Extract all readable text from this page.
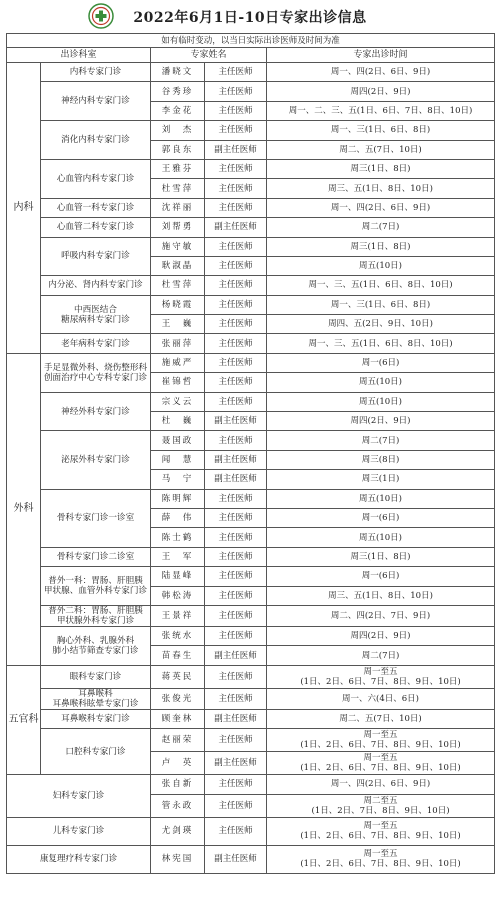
2022年6月1日-10日专家出诊信息
如有临时变动，以当日实际出诊医师及时间为准				
出诊科室		专家姓名		专家出诊时间
内科	内科专家门诊	潘晓文	主任医师	周一、四(2日、6日、9日)
	神经内科专家门诊	谷秀珍	主任医师	周四(2日、9日)
		李金花	主任医师	周一、二、三、五(1日、6日、7日、8日、10日)
	消化内科专家门诊	刘　杰	主任医师	周一、三(1日、6日、8日)
		郭良东	副主任医师	周二、五(7日、10日)
	心血管内科专家门诊	王雅芬	主任医师	周三(1日、8日)
		杜雪萍	主任医师	周三、五(1日、8日、10日)
	心血管一科专家门诊	沈祥丽	主任医师	周一、四(2日、6日、9日)
	心血管二科专家门诊	刘帮勇	副主任医师	周二(7日)
	呼吸内科专家门诊	施守敏	主任医师	周三(1日、8日)
		耿淑晶	主任医师	周五(10日)
	内分泌、肾内科专家门诊	杜雪萍	主任医师	周一、三、五(1日、6日、8日、10日)
	中西医结合
糖尿病科专家门诊	杨晓霞	主任医师	周一、三(1日、6日、8日)
		王　巍	主任医师	周四、五(2日、9日、10日)
	老年病科专家门诊	张丽萍	主任医师	周一、三、五(1日、6日、8日、10日)
外科	手足显微外科、烧伤整形科
创面治疗中心专科专家门诊	施威严	主任医师	周一(6日)
		崔锦哲	主任医师	周五(10日)
	神经外科专家门诊	宗义云	主任医师	周五(10日)
		杜　巍	副主任医师	周四(2日、9日)
	泌尿外科专家门诊	聂国政	主任医师	周二(7日)
		闻　慧	副主任医师	周三(8日)
		马　宁	副主任医师	周三(1日)
	骨科专家门诊一诊室	陈明辉	主任医师	周五(10日)
		薛　伟	主任医师	周一(6日)
		陈士鹤	主任医师	周五(10日)
	骨科专家门诊二诊室	王　军	主任医师	周三(1日、8日)
	普外一科：胃肠、肝胆胰
甲状腺、血管外科专家门诊	陆显峰	主任医师	周一(6日)
		韩松涛	主任医师	周三、五(1日、8日、10日)
	普外二科：胃肠、肝胆胰
甲状腺外科专家门诊	王景祥	主任医师	周二、四(2日、7日、9日)
	胸心外科、乳腺外科
肺小结节筛查专家门诊	张统水	主任医师	周四(2日、9日)
		苗春生	副主任医师	周二(7日)
五官科	眼科专家门诊	蒋英民	主任医师	周一至五
(1日、2日、6日、7日、8日、9日、10日)
	耳鼻喉科
耳鼻喉科眩晕专家门诊	张俊光	主任医师	周一、六(4日、6日)
	耳鼻喉科专家门诊	顾奎林	副主任医师	周二、五(7日、10日)
	口腔科专家门诊	赵丽荣	主任医师	周一至五
(1日、2日、6日、7日、8日、9日、10日)
		卢　英	副主任医师	周一至五
(1日、2日、6日、7日、8日、9日、10日)
妇科专家门诊		张自新	主任医师	周一、四(2日、6日、9日)
		管永政	主任医师	周二至五
(1日、2日、7日、8日、9日、10日)
儿科专家门诊		尤剑瑛	主任医师	周一至五
(1日、2日、6日、7日、8日、9日、10日)
康复理疗科专家门诊		林宪国	副主任医师	周一至五
(1日、2日、6日、7日、8日、9日、10日)
